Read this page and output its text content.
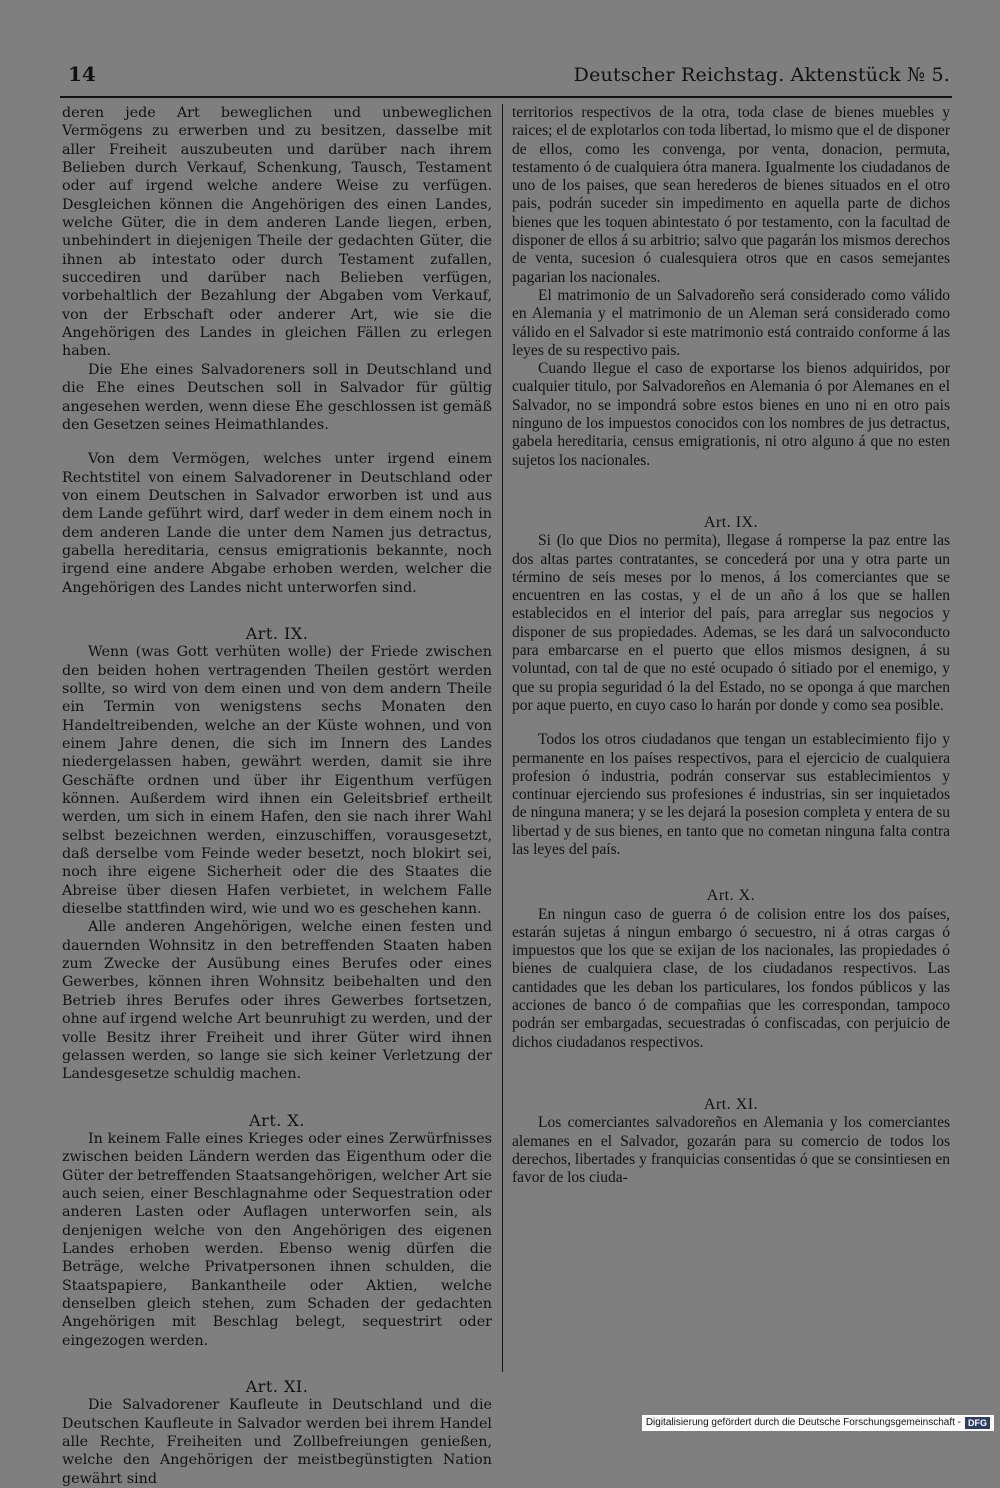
14	Deutscher Reichstag. Aktenstück № 5.

deren jede Art beweglichen und unbeweglichen Vermögens zu erwerben und zu besitzen, dasselbe mit aller Freiheit auszubeuten und darüber nach ihrem Belieben durch Verkauf, Schenkung, Tausch, Testament oder auf irgend welche andere Weise zu verfügen. Desgleichen können die Angehörigen des einen Landes, welche Güter, die in dem anderen Lande liegen, erben, unbehindert in diejenigen Theile der gedachten Güter, die ihnen ab intestato oder durch Testament zufallen, succediren und darüber nach Belieben verfügen, vorbehaltlich der Bezahlung der Abgaben vom Verkauf, von der Erbschaft oder anderer Art, wie sie die Angehörigen des Landes in gleichen Fällen zu erlegen haben.

Die Ehe eines Salvadoreners soll in Deutschland und die Ehe eines Deutschen soll in Salvador für gültig angesehen werden, wenn diese Ehe geschlossen ist gemäß den Gesetzen seines Heimathlandes.

Von dem Vermögen, welches unter irgend einem Rechtstitel von einem Salvadorener in Deutschland oder von einem Deutschen in Salvador erworben ist und aus dem Lande geführt wird, darf weder in dem einem noch in dem anderen Lande die unter dem Namen jus detractus, gabella hereditaria, census emigrationis bekannte, noch irgend eine andere Abgabe erhoben werden, welcher die Angehörigen des Landes nicht unterworfen sind.

Art. IX.

Wenn (was Gott verhüten wolle) der Friede zwischen den beiden hohen vertragenden Theilen gestört werden sollte, so wird von dem einen und von dem andern Theile ein Termin von wenigstens sechs Monaten den Handeltreibenden, welche an der Küste wohnen, und von einem Jahre denen, die sich im Innern des Landes niedergelassen haben, gewährt werden, damit sie ihre Geschäfte ordnen und über ihr Eigenthum verfügen können. Außerdem wird ihnen ein Geleitsbrief ertheilt werden, um sich in einem Hafen, den sie nach ihrer Wahl selbst bezeichnen werden, einzuschiffen, vorausgesetzt, daß derselbe vom Feinde weder besetzt, noch blokirt sei, noch ihre eigene Sicherheit oder die des Staates die Abreise über diesen Hafen verbietet, in welchem Falle dieselbe stattfinden wird, wie und wo es geschehen kann.

Alle anderen Angehörigen, welche einen festen und dauernden Wohnsitz in den betreffenden Staaten haben zum Zwecke der Ausübung eines Berufes oder eines Gewerbes, können ihren Wohnsitz beibehalten und den Betrieb ihres Berufes oder ihres Gewerbes fortsetzen, ohne auf irgend welche Art beunruhigt zu werden, und der volle Besitz ihrer Freiheit und ihrer Güter wird ihnen gelassen werden, so lange sie sich keiner Verletzung der Landesgesetze schuldig machen.

Art. X.

In keinem Falle eines Krieges oder eines Zerwürfnisses zwischen beiden Ländern werden das Eigenthum oder die Güter der betreffenden Staatsangehörigen, welcher Art sie auch seien, einer Beschlagnahme oder Sequestration oder anderen Lasten oder Auflagen unterworfen sein, als denjenigen welche von den Angehörigen des eigenen Landes erhoben werden. Ebenso wenig dürfen die Beträge, welche Privatpersonen ihnen schulden, die Staatspapiere, Bankantheile oder Aktien, welche denselben gleich stehen, zum Schaden der gedachten Angehörigen mit Beschlag belegt, sequestrirt oder eingezogen werden.

Art. XI.

Die Salvadorener Kaufleute in Deutschland und die Deutschen Kaufleute in Salvador werden bei ihrem Handel alle Rechte, Freiheiten und Zollbefreiungen genießen, welche den Angehörigen der meistbegünstigten Nation gewährt sind

territorios respectivos de la otra, toda clase de bienes muebles y raices; el de explotarlos con toda libertad, lo mismo que el de disponer de ellos, como les convenga, por venta, donacion, permuta, testamento ó de cualquiera ótra manera. Igualmente los ciudadanos de uno de los paises, que sean herederos de bienes situados en el otro pais, podrán suceder sin impedimento en aquella parte de dichos bienes que les toquen abintestato ó por testamento, con la facultad de disponer de ellos á su arbitrio; salvo que pagarán los mismos derechos de venta, sucesion ó cualesquiera otros que en casos semejantes pagarian los nacionales.

El matrimonio de un Salvadoreño será considerado como válido en Alemania y el matrimonio de un Aleman será considerado como válido en el Salvador si este matrimonio está contraido conforme á las leyes de su respectivo pais.

Cuando llegue el caso de exportarse los bienos adquiridos, por cualquier titulo, por Salvadoreños en Alemania ó por Alemanes en el Salvador, no se impondrá sobre estos bienes en uno ni en otro pais ninguno de los impuestos conocidos con los nombres de jus detractus, gabela hereditaria, census emigrationis, ni otro alguno á que no esten sujetos los nacionales.

Art. IX.

Si (lo que Dios no permita), llegase á romperse la paz entre las dos altas partes contratantes, se concederá por una y otra parte un término de seis meses por lo menos, á los comerciantes que se encuentren en las costas, y el de un año á los que se hallen establecidos en el interior del país, para arreglar sus negocios y disponer de sus propiedades. Ademas, se les dará un salvoconducto para embarcarse en el puerto que ellos mismos designen, á su voluntad, con tal de que no esté ocupado ó sitiado por el enemigo, y que su propia seguridad ó la del Estado, no se oponga á que marchen por aque puerto, en cuyo caso lo harán por donde y como sea posible.

Todos los otros ciudadanos que tengan un establecimiento fijo y permanente en los países respectivos, para el ejercicio de cualquiera profesion ó industria, podrán conservar sus establecimientos y continuar ejerciendo sus profesiones é industrias, sin ser inquietados de ninguna manera; y se les dejará la posesion completa y entera de su libertad y de sus bienes, en tanto que no cometan ninguna falta contra las leyes del país.

Art. X.

En ningun caso de guerra ó de colision entre los dos países, estarán sujetas á ningun embargo ó secuestro, ni á otras cargas ó impuestos que los que se exijan de los nacionales, las propiedades ó bienes de cualquiera clase, de los ciudadanos respectivos. Las cantidades que les deban los particulares, los fondos públicos y las acciones de banco ó de compañias que les correspondan, tampoco podrán ser embargadas, secuestradas ó confiscadas, con perjuicio de dichos ciudadanos respectivos.

Art. XI.

Los comerciantes salvadoreños en Alemania y los comerciantes alemanes en el Salvador, gozarán para su comercio de todos los derechos, libertades y franquicias consentidas ó que se consintiesen en favor de los ciuda-

Digitalisierung gefördert durch die Deutsche Forschungsgemeinschaft - DFG
